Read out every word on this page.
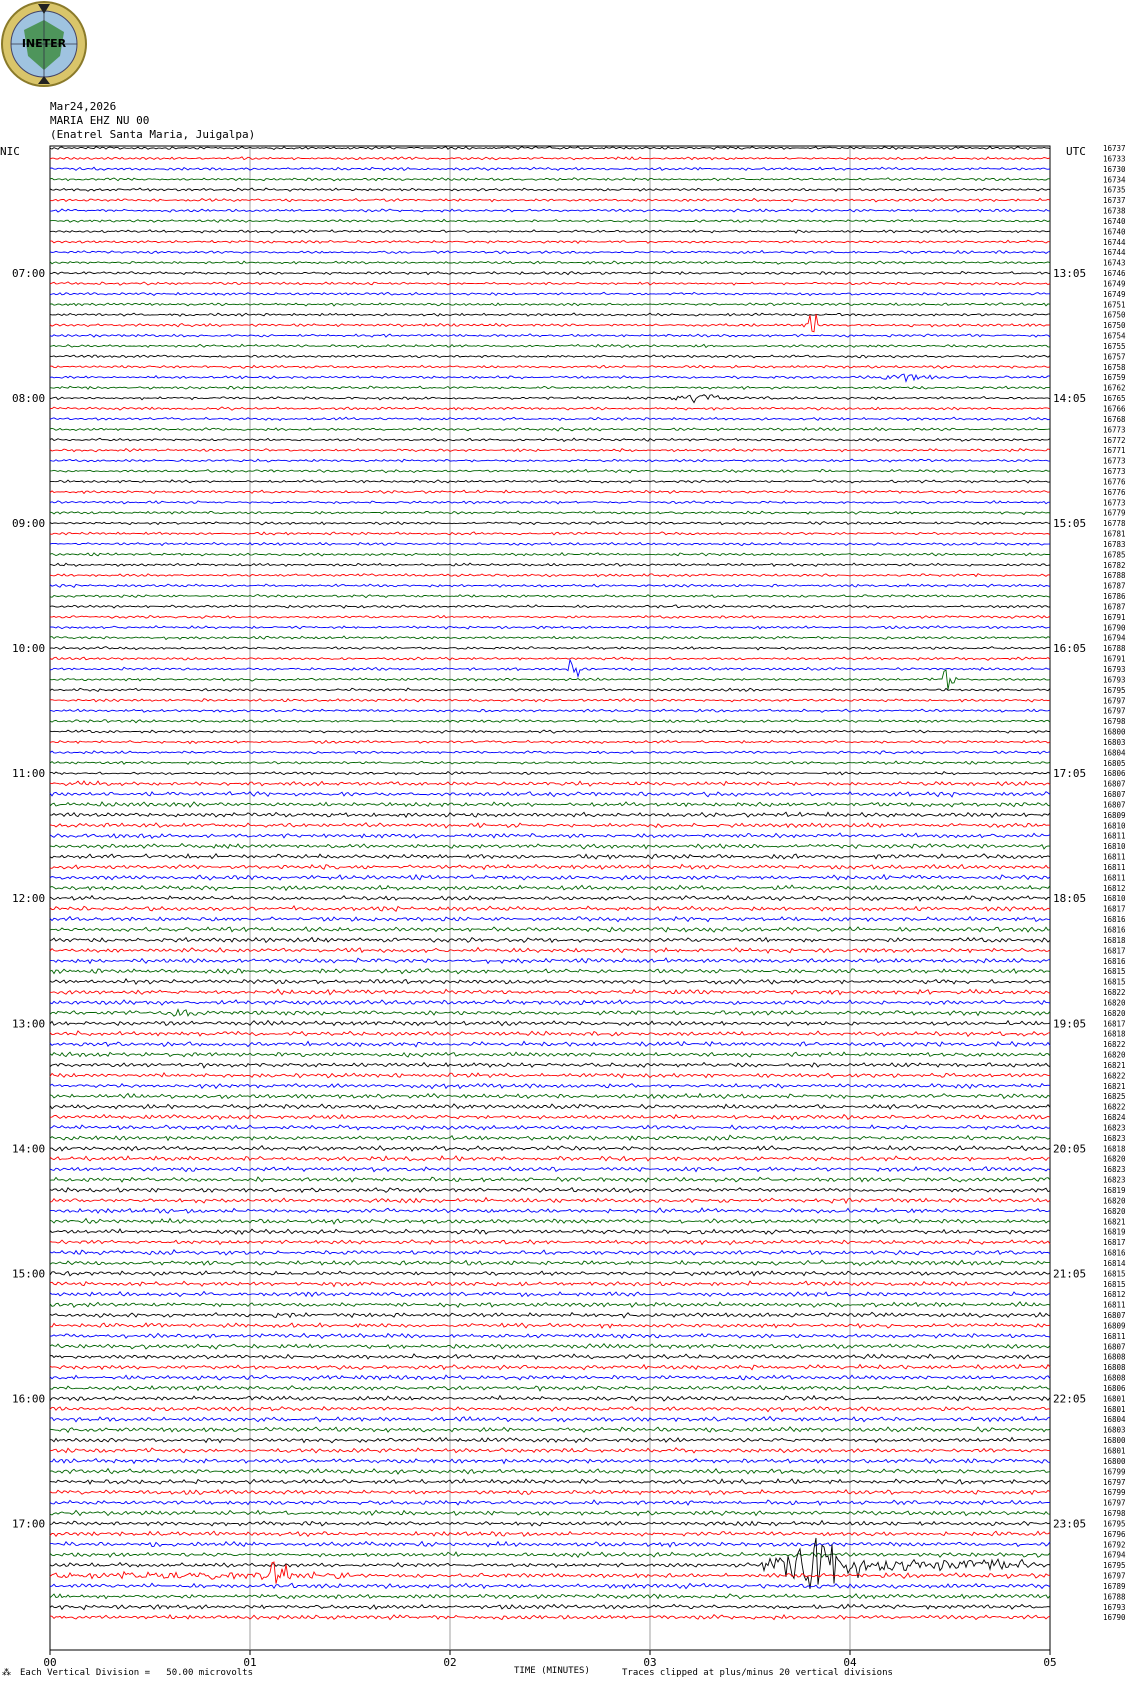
INETER
Mar24,2026
MARIA EHZ NU 00
(Enatrel Santa Maria, Juigalpa)
NIC	UTC 16737
16733
16730
16734
16735
16737
16738
16740
16740
16744
16744
16743
16746
16749
16749
16751
16750
16750
16754
16755
16757
16758
16759
16762
16765
16766
16768
16773
16772
16771
16773
16773
16776
16776
16773
16779
16778
16781
16783
16785
16782
16788
16787
16786
16787
16791
16790
16794
16788
16791
16793
16793
16795
16797
16797
16798
16800
16803
16804
16805
16806
16807
16807
16807
16809
16810
16811
16810
16811
16811
16811
16812
16810
16817
16816
16816
16818
16817
16816
16815
16815
16822
16820
16820
16817
16818
16822
16820
16821
16822
16821
16825
16822
16824
16823
16823
16818
16820
16823
16823
16819
16820
16820
16821
16819
16817
16816
16814
16815
16815
16812
16811
16807
16809
16811
16807
16808
16808
16808
16806
16801
16801
16804
16803
16800
16801
16800
16799
16797
16799
16797
16798
16795
16796
16792
16794
16795
16797
16789
16788
16793
16790
07:00	13:05
08:00	14:05
09:00	15:05
10:00	16:05
11:00	17:05
12:00	18:05
13:00	19:05
14:00	20:05
15:00	21:05
16:00	22:05
17:00	23:05
00	01	02	03	04	05
⁂ Each Vertical Division =   50.00 microvolts	TIME (MINUTES)	Traces clipped at plus/minus 20 vertical divisions
